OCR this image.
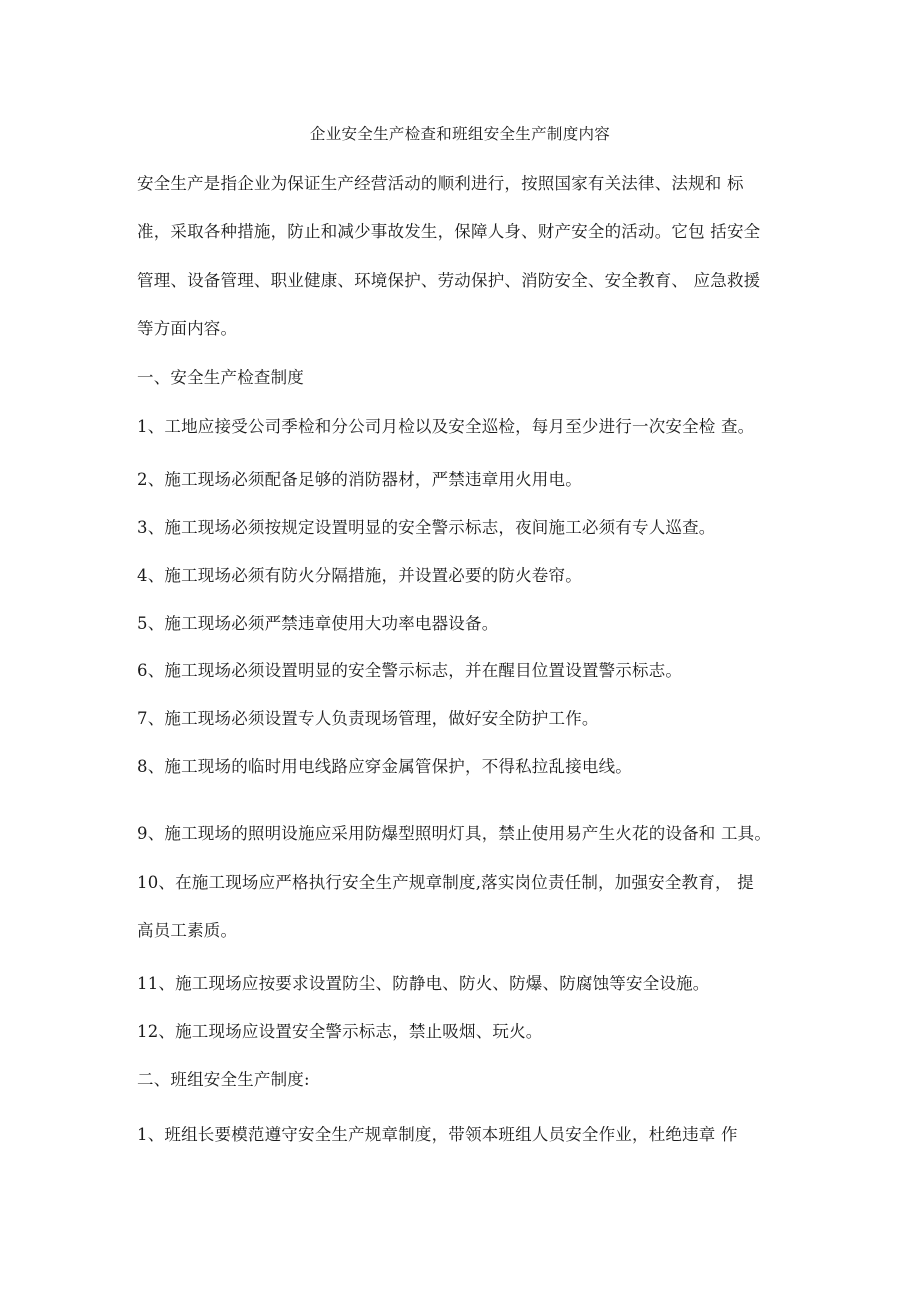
企业安全生产检查和班组安全生产制度内容
安全生产是指企业为保证生产经营活动的顺利进行，按照国家有关法律、法规和 标
准，采取各种措施，防止和减少事故发生，保障人身、财产安全的活动。它包 括安全
管理、设备管理、职业健康、环境保护、劳动保护、消防安全、安全教育、 应急救援
等方面内容。
一、安全生产检查制度
1、工地应接受公司季检和分公司月检以及安全巡检，每月至少进行一次安全检 查。
2、施工现场必须配备足够的消防器材，严禁违章用火用电。
3、施工现场必须按规定设置明显的安全警示标志，夜间施工必须有专人巡查。
4、施工现场必须有防火分隔措施，并设置必要的防火卷帘。
5、施工现场必须严禁违章使用大功率电器设备。
6、施工现场必须设置明显的安全警示标志，并在醒目位置设置警示标志。
7、施工现场必须设置专人负责现场管理，做好安全防护工作。
8、施工现场的临时用电线路应穿金属管保护，不得私拉乱接电线。
9、施工现场的照明设施应采用防爆型照明灯具，禁止使用易产生火花的设备和 工具。
10、在施工现场应严格执行安全生产规章制度,落实岗位责任制，加强安全教育， 提
高员工素质。
11、施工现场应按要求设置防尘、防静电、防火、防爆、防腐蚀等安全设施。
12、施工现场应设置安全警示标志，禁止吸烟、玩火。
二、班组安全生产制度:
1、班组长要模范遵守安全生产规章制度，带领本班组人员安全作业，杜绝违章 作
